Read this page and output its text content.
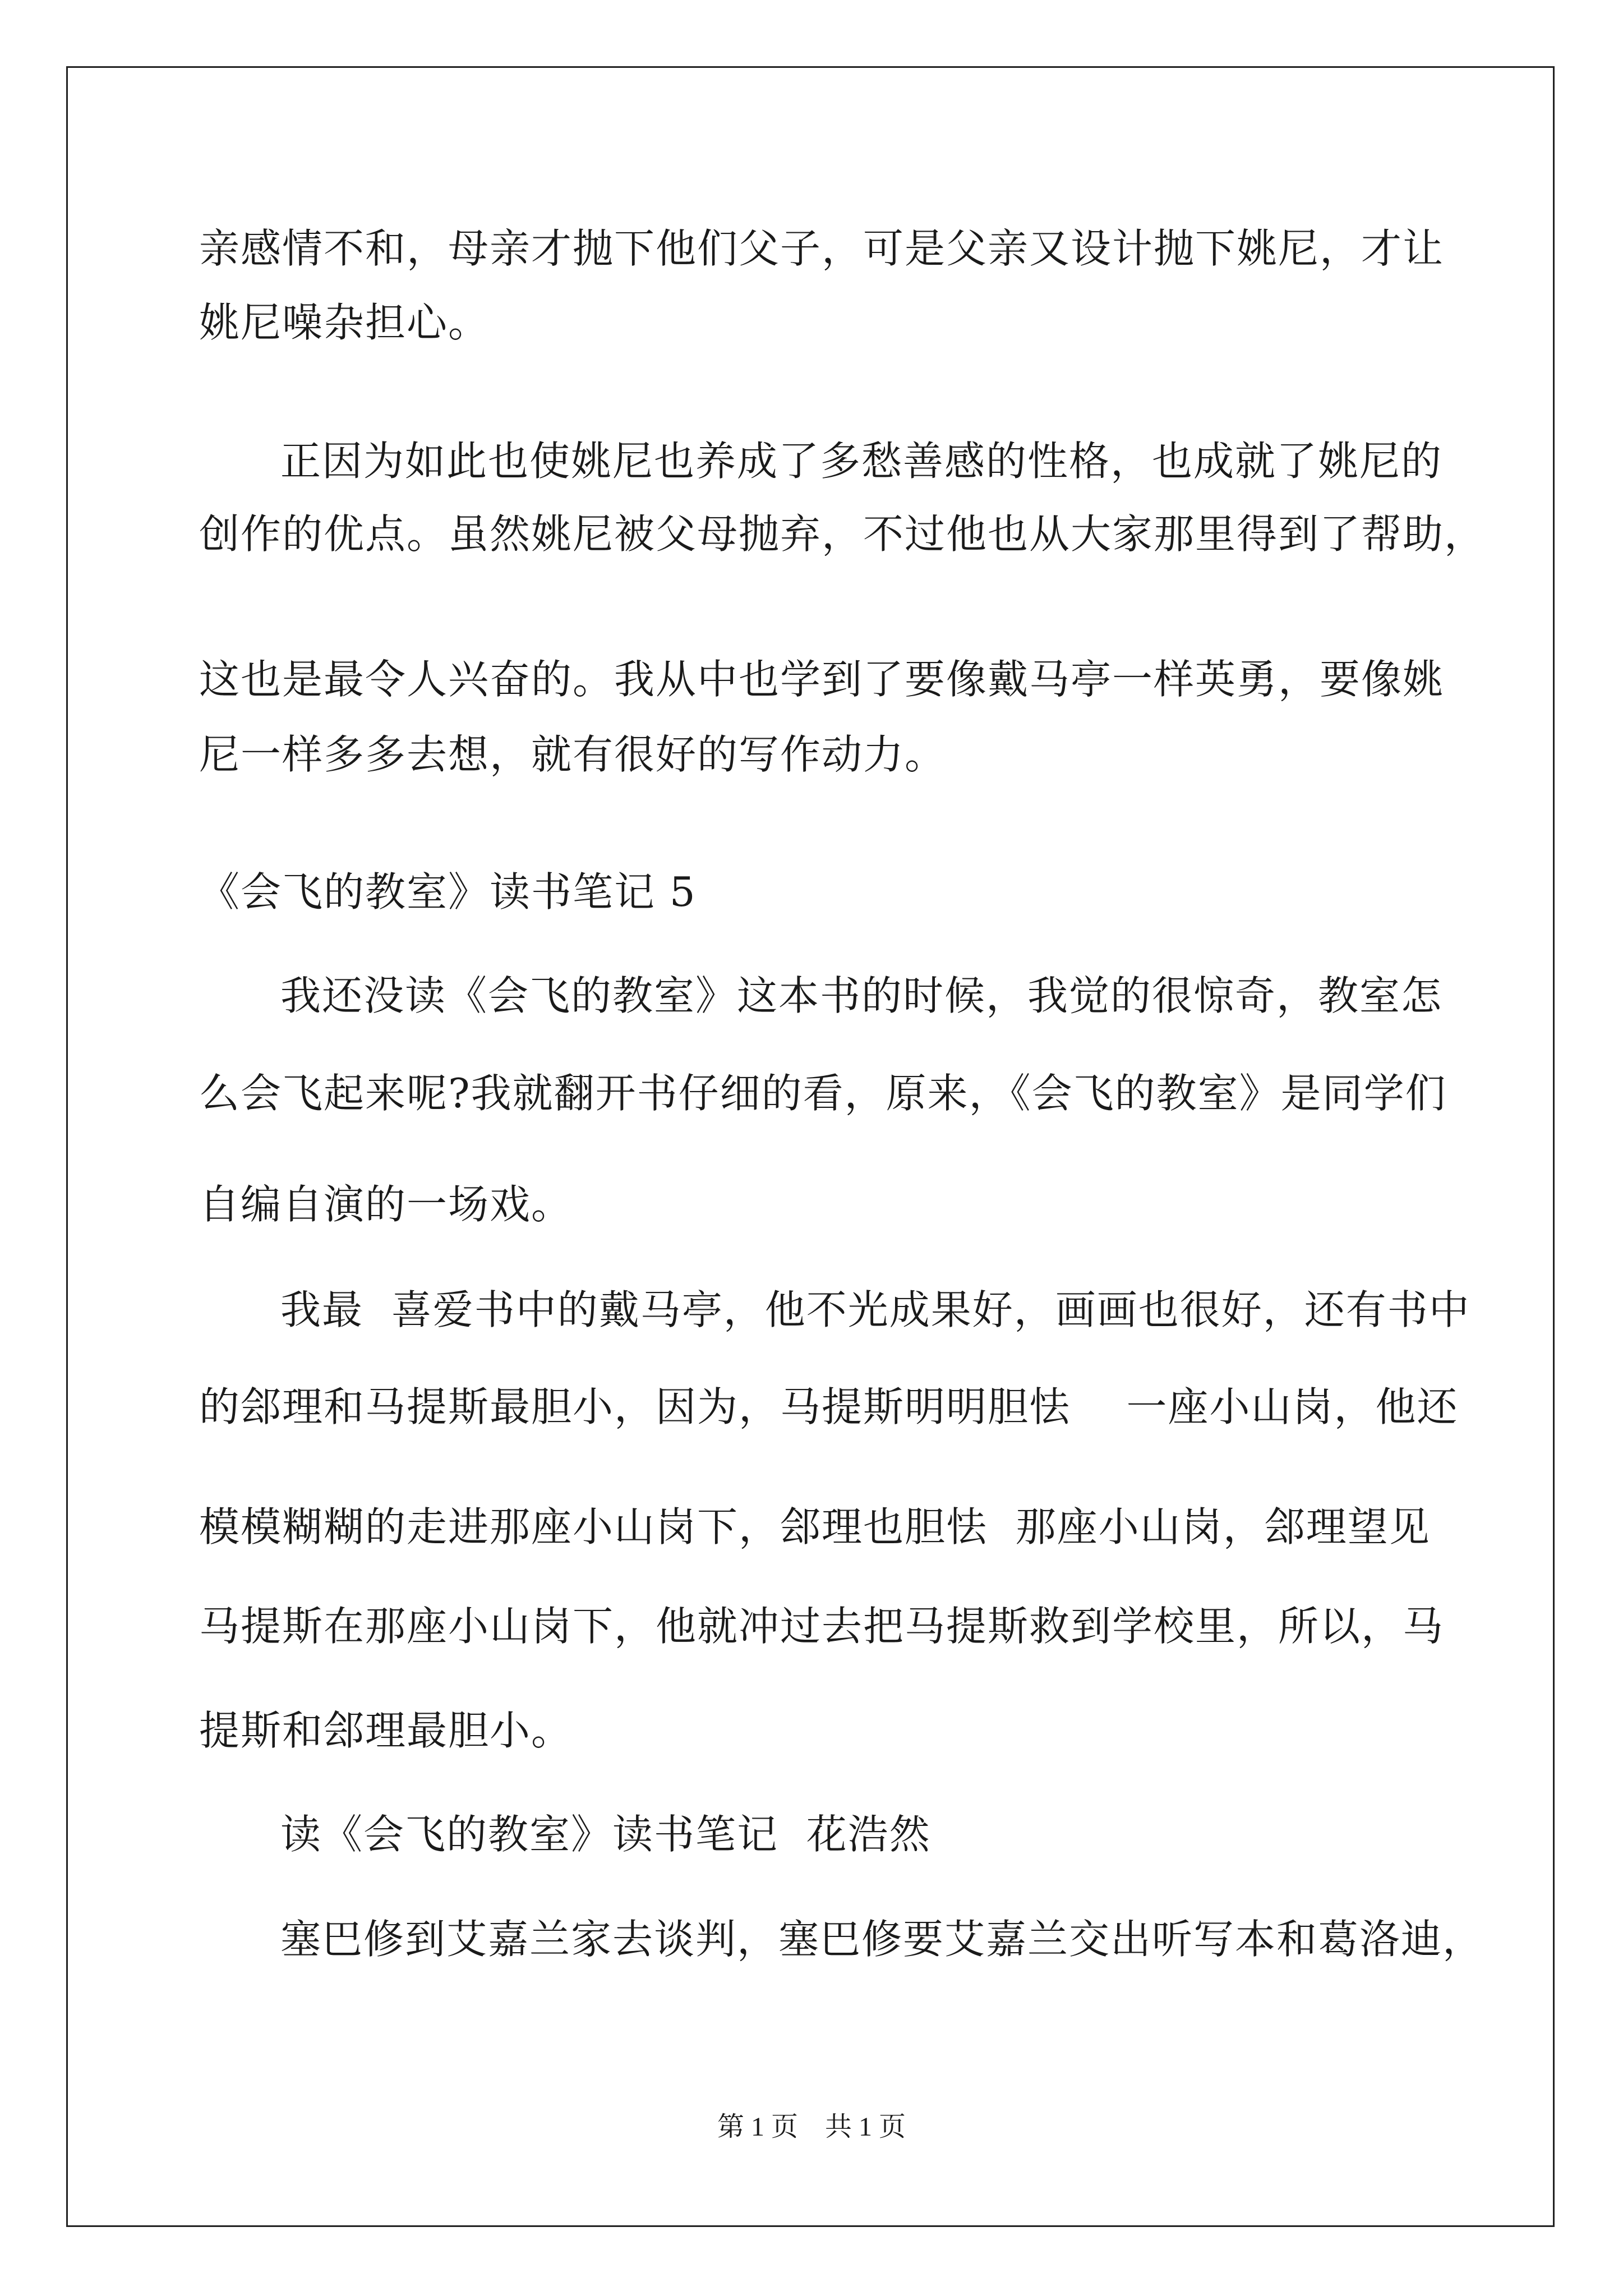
亲感情不和，母亲才抛下他们父子，可是父亲又设计抛下姚尼，才让
姚尼噪杂担心。
正因为如此也使姚尼也养成了多愁善感的性格，也成就了姚尼的
创作的优点。虽然姚尼被父母抛弃，不过他也从大家那里得到了帮助，
这也是最令人兴奋的。我从中也学到了要像戴马亭一样英勇，要像姚
尼一样多多去想，就有很好的写作动力。
《会飞的教室》读书笔记 5
我还没读《会飞的教室》这本书的时候，我觉的很惊奇，教室怎
么会飞起来呢?我就翻开书仔细的看，原来，《会飞的教室》是同学们
自编自演的一场戏。
我最  喜爱书中的戴马亭，他不光成果好，画画也很好，还有书中
的郐理和马提斯最胆小，因为，马提斯明明胆怯    一座小山岗，他还
模模糊糊的走进那座小山岗下，郐理也胆怯  那座小山岗，郐理望见
马提斯在那座小山岗下，他就冲过去把马提斯救到学校里，所以，马
提斯和郐理最胆小。
读《会飞的教室》读书笔记  花浩然
塞巴修到艾嘉兰家去谈判，塞巴修要艾嘉兰交出听写本和葛洛迪，
第 1 页    共 1 页
